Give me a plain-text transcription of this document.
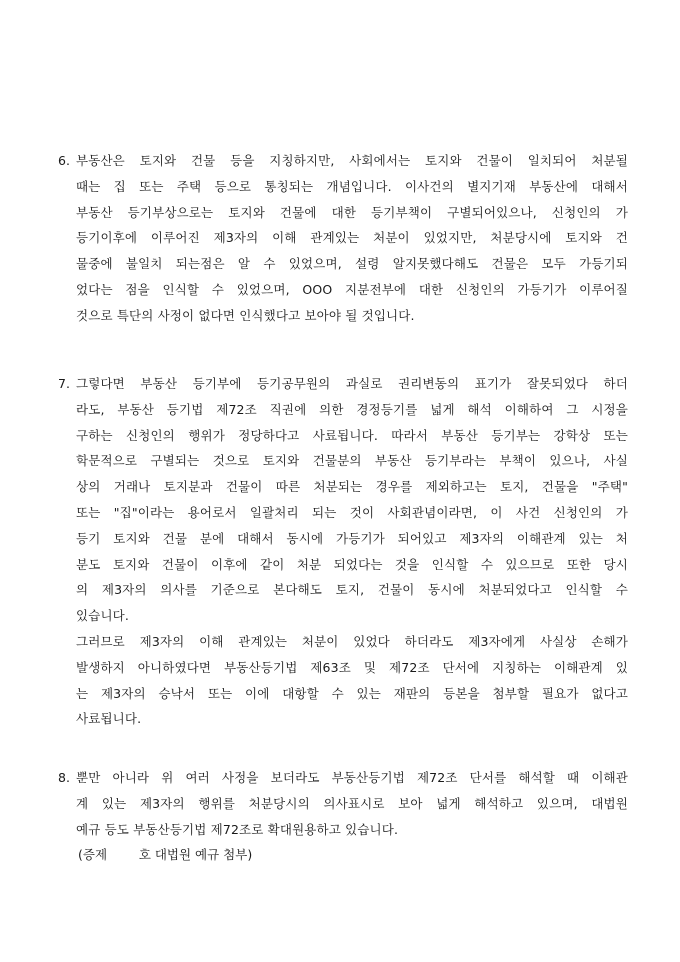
6. 부동산은 토지와 건물 등을 지칭하지만, 사회에서는 토지와 건물이 일치되어 처분될
때는 집 또는 주택 등으로 통칭되는 개념입니다. 이사건의 별지기재 부동산에 대해서
부동산 등기부상으로는 토지와 건물에 대한 등기부책이 구별되어있으나, 신청인의 가
등기이후에 이루어진 제3자의 이해 관계있는 처분이 있었지만, 처분당시에 토지와 건
물중에 불일치 되는점은 알 수 있었으며, 설령 알지못했다해도 건물은 모두 가등기되
었다는 점을 인식할 수 있었으며, OOO 지분전부에 대한 신청인의 가등기가 이루어질
것으로 특단의 사정이 없다면 인식했다고 보아야 될 것입니다.
7. 그렇다면 부동산 등기부에 등기공무원의 과실로 권리변동의 표기가 잘못되었다 하더
라도, 부동산 등기법 제72조 직권에 의한 경정등기를 넓게 해석 이해하여 그 시정을
구하는 신청인의 행위가 정당하다고 사료됩니다. 따라서 부동산 등기부는 강학상 또는
학문적으로 구별되는 것으로 토지와 건물분의 부동산 등기부라는 부책이 있으나, 사실
상의 거래나 토지분과 건물이 따른 처분되는 경우를 제외하고는 토지, 건물을 "주택"
또는 "집"이라는 용어로서 일괄처리 되는 것이 사회관념이라면, 이 사건 신청인의 가
등기 토지와 건물 분에 대해서 동시에 가등기가 되어있고 제3자의 이해관계 있는 처
분도 토지와 건물이 이후에 같이 처분 되었다는 것을 인식할 수 있으므로 또한 당시
의 제3자의 의사를 기준으로 본다해도 토지, 건물이 동시에 처분되었다고 인식할 수
있습니다.
그러므로 제3자의 이해 관계있는 처분이 있었다 하더라도 제3자에게 사실상 손해가
발생하지 아니하였다면 부동산등기법 제63조 및 제72조 단서에 지칭하는 이해관계 있
는 제3자의 승낙서 또는 이에 대항할 수 있는 재판의 등본을 첨부할 필요가 없다고
사료됩니다.
8. 뿐만 아니라 위 여러 사정을 보더라도 부동산등기법 제72조 단서를 해석할 때 이해관
계 있는 제3자의 행위를 처분당시의 의사표시로 보아 넓게 해석하고 있으며, 대법원
예규 등도 부동산등기법 제72조로 확대원용하고 있습니다.
(증제        호 대법원 예규 첨부)
